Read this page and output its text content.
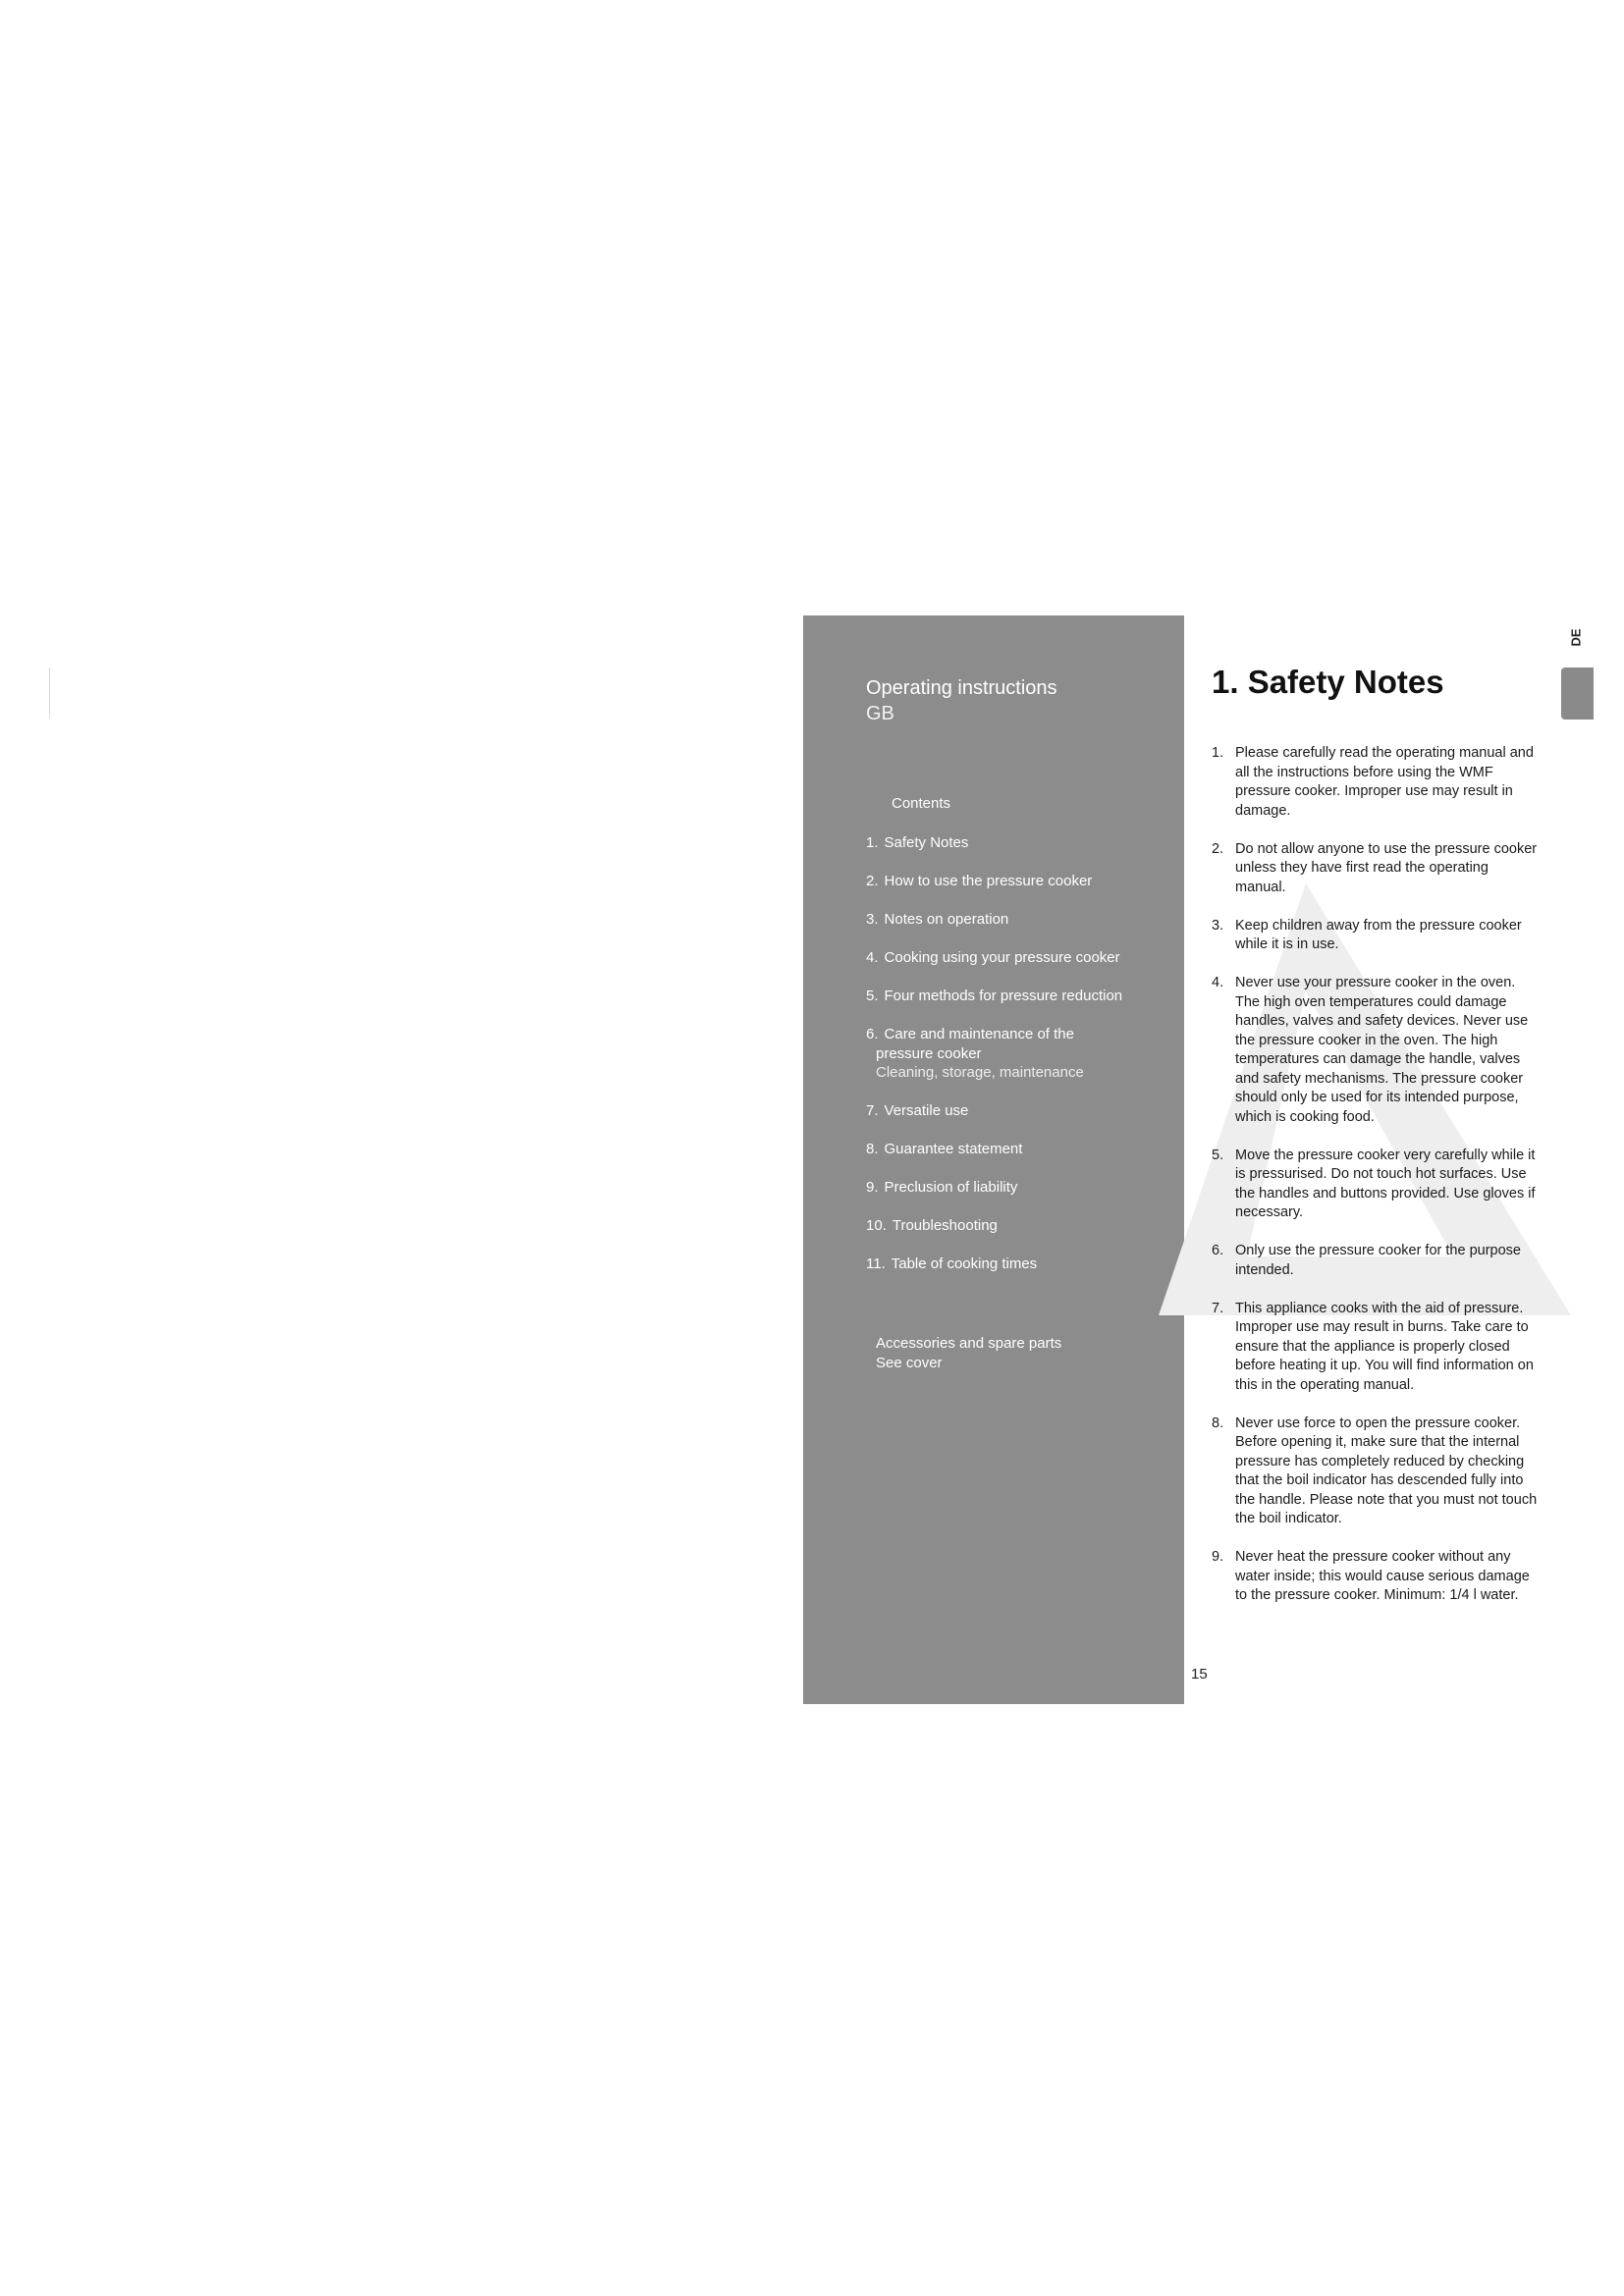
Operating instructions
GB
Contents
1. Safety Notes
2. How to use the pressure cooker
3. Notes on operation
4. Cooking using your pressure cooker
5. Four methods for pressure reduction
6. Care and maintenance of the
pressure cooker
Cleaning, storage, maintenance
7. Versatile use
8. Guarantee statement
9. Preclusion of liability
10. Troubleshooting
11. Table of cooking times
Accessories and spare parts
See cover
1. Safety Notes
1. Please carefully read the operating manual and all the instructions before using the WMF pressure cooker. Improper use may result in damage.
2. Do not allow anyone to use the pressure cooker unless they have first read the operating manual.
3. Keep children away from the pressure cooker while it is in use.
4. Never use your pressure cooker in the oven. The high oven temperatures could damage handles, valves and safety devices. Never use the pressure cooker in the oven. The high temperatures can damage the handle, valves and safety mechanisms. The pressure cooker should only be used for its intended purpose, which is cooking food.
5. Move the pressure cooker very carefully while it is pressurised. Do not touch hot surfaces. Use the handles and buttons provided. Use gloves if necessary.
6. Only use the pressure cooker for the purpose intended.
7. This appliance cooks with the aid of pressure. Improper use may result in burns. Take care to ensure that the appliance is properly closed before heating it up. You will find information on this in the operating manual.
8. Never use force to open the pressure cooker. Before opening it, make sure that the internal pressure has completely reduced by checking that the boil indicator has descended fully into the handle. Please note that you must not touch the boil indicator.
9. Never heat the pressure cooker without any water inside; this would cause serious damage to the pressure cooker. Minimum: 1/4 l water.
15
DE
